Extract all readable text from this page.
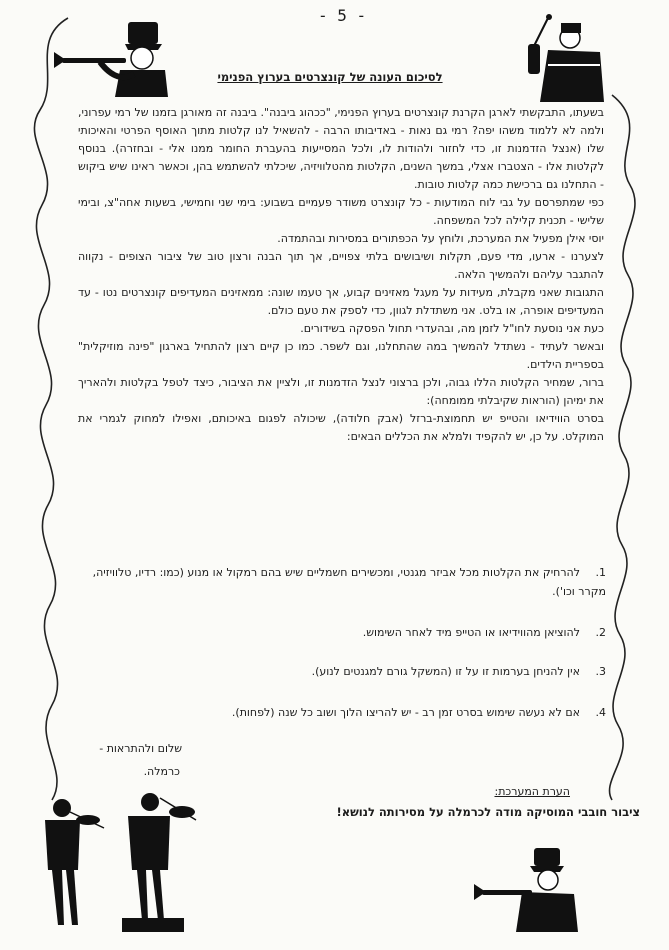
- 5 -
לסיכום העונה של קונצרטים בערוץ הפנימי

בשעתו, התבקשתי לארגן הקרנת קונצרטים בערוץ הפנימי, "ככהוג ביבנה". ביבנה זה מאורגן בזמנו של רמי עפרוני, ולמה לא ללמוד משהו יפה? רמי גם נאות - באדיבותו הרבה - להשאיל לנו קלטות מתוך האוסף הפרטי והאיכותי שלו (אנצל הזדמנות זו, כדי לחזור ולהודות לו, ולכל המסייעות בהעברת החומר ממנו אלי - ובחזרה). בנוסף לקלטות אלו - הצטברו אצלי, במשך השנים, הקלטות מהטלוויזיה, שיכלתי להשתמש בהן, וכאשר ראינו שיש ביקוש - התחלנו גם ברכישת כמה קלטות טובות.

כפי שמתפרסם על גבי לוח המודעות - כל קונצרט משודר פעמיים בשבוע: בימי שני וחמישי, בשעות אחה"צ, ובימי שלישי - תכנית קלילה לכל המשפחה.

יוסי אילן מפעיל את המערכת, ולוחץ על הכפתורים במסירות ובהתמדה.

לצערנו - ארעו, מדי פעם, תקלות ושיבושים בלתי צפויים, אך תוך הבנה ורצון טוב של ציבור הצופים - נקווה להתגבר עליהם ולהמשיך הלאה.

התגובות שאני מקבלת, מעידות על מעגל מאזינים קבוע, אך טעמו שונה: ממאזינים המעדיפים קונצרטים נטו - עד המעדיפים אופרה, או בלט. אני משתדלת לגוון, כדי לספק את טעם כולם.

כעת אני נוסעת לחו"ל לזמן מה, ובהעדרי תחול הפסקה בשידורים.

ובאשר לעתיד - נשתדל להמשיך במה שהתחלנו, וגם לשפר. כמו כן קיים רצון להתחיל בארגון "פינה מוזיקלית" בספריית הילדים.

ברור, שמחיר הקלטות הללו גבוה, ולכן ברצוני לנצל הזדמנות זו, ולציין את הציבור, כיצד לטפל בקלטות ולהאריך את ימיהן (הוראות שקיבלתי ממומחה):

בסרט הווידיאו והטייפ יש תחמוצת-ברזל (אבק חלודה), שיכולה לפגום באיכותם, ואפילו למחוק לגמרי את המוקלט. על כן, יש להקפיד ולמלא את הכללים הבאים:

1.להרחיק את הקלטות מכל אביזר מגנטי, ומכשירים חשמליים שיש בהם רמקול או מנוע (כמו: רדיו, טלוויזיה, מקרר וכו').
2.להוציאן מהווידיאו או הטייפ מיד לאחר השימוש.
3.אין להניחן בערמות זו על זו (המשקל גורם למגנטים לנוע).
4.אם לא נעשה שימוש בסרט זמן רב - יש להריצו הלוך ושוב כל שנה (לפחות).
שלום ולהתראות -
כרמלה.
הערת המערכת:
ציבור חובבי המוסיקה מודה לכרמלה על מסירותה לנושא!
